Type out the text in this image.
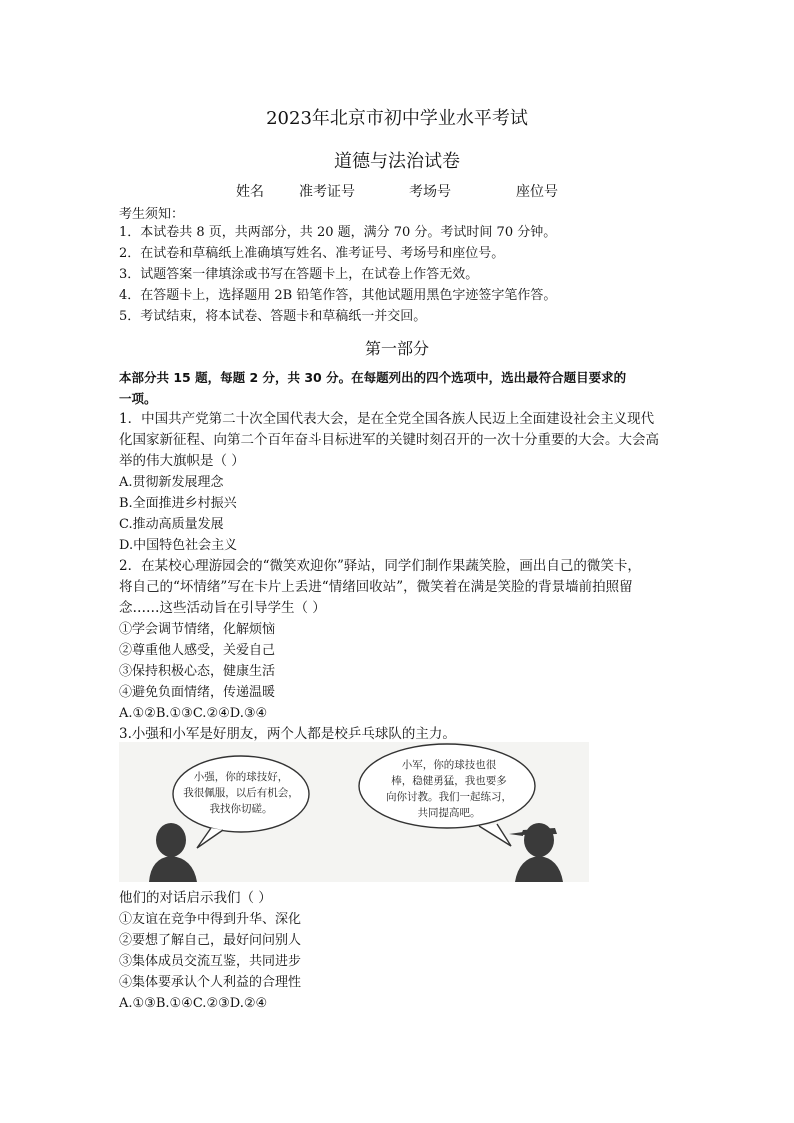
2023年北京市初中学业水平考试
道德与法治试卷
姓名	准考证号	考场号	座位号
考生须知：
1．本试卷共 8 页，共两部分，共 20 题，满分 70 分。考试时间 70 分钟。
2．在试卷和草稿纸上准确填写姓名、准考证号、考场号和座位号。
3．试题答案一律填涂或书写在答题卡上，在试卷上作答无效。
4．在答题卡上，选择题用 2B 铅笔作答，其他试题用黑色字迹签字笔作答。
5．考试结束，将本试卷、答题卡和草稿纸一并交回。
第一部分
本部分共 15 题，每题 2 分，共 30 分。在每题列出的四个选项中，选出最符合题目要求的
一项。
1．中国共产党第二十次全国代表大会，是在全党全国各族人民迈上全面建设社会主义现代
化国家新征程、向第二个百年奋斗目标进军的关键时刻召开的一次十分重要的大会。大会高
举的伟大旗帜是（ ）
A.贯彻新发展理念
B.全面推进乡村振兴
C.推动高质量发展
D.中国特色社会主义
2．在某校心理游园会的“微笑欢迎你”驿站，同学们制作果蔬笑脸，画出自己的微笑卡，
将自己的“坏情绪”写在卡片上丢进“情绪回收站”，微笑着在满是笑脸的背景墙前拍照留
念……这些活动旨在引导学生（ ）
①学会调节情绪，化解烦恼
②尊重他人感受，关爱自己
③保持积极心态，健康生活
④避免负面情绪，传递温暖
A.①②B.①③C.②④D.③④
3.小强和小军是好朋友，两个人都是校乒乓球队的主力。
小强，你的球技好，
我很佩服，以后有机会，
我找你切磋。
小军，你的球技也很
棒，稳健勇猛，我也要多
向你讨教。我们一起练习，
共同提高吧。
他们的对话启示我们（ ）
①友谊在竞争中得到升华、深化
②要想了解自己，最好问问别人
③集体成员交流互鉴，共同进步
④集体要承认个人利益的合理性
A.①③B.①④C.②③D.②④
